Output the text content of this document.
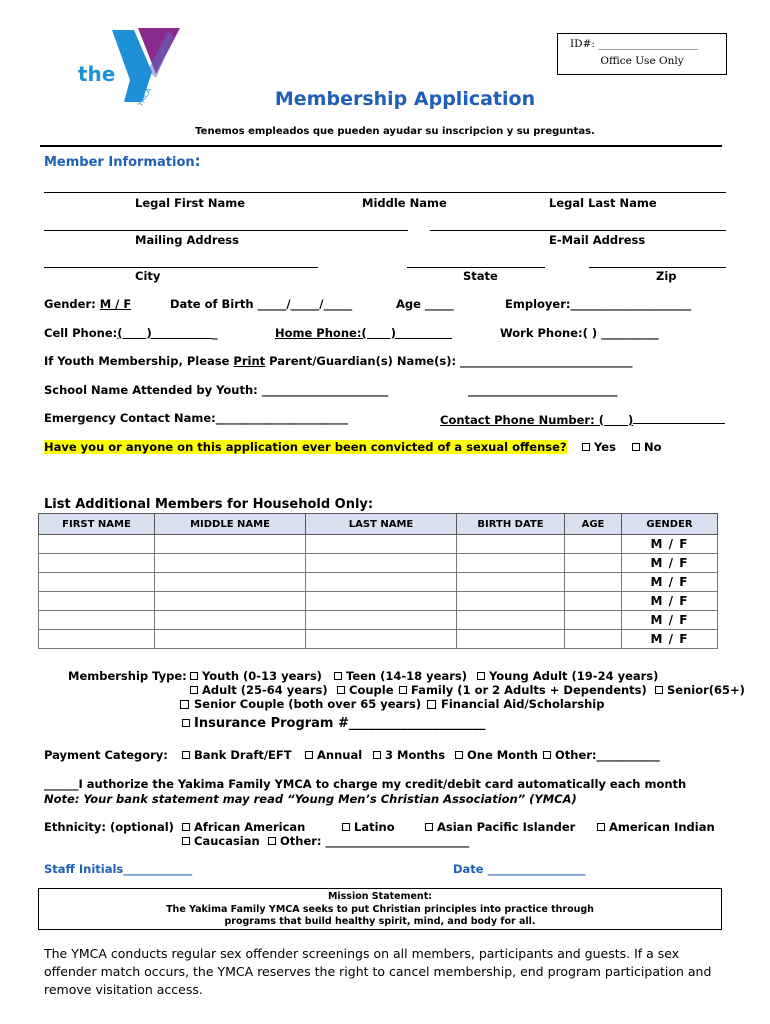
YMCA
the
ID#: ___________________
Office Use Only
Membership Application
Tenemos empleados que pueden ayudar su inscripcion y su preguntas.
Member Information:
Legal First Name	Middle Name	Legal Last Name
Mailing Address	E-Mail Address
City	State	Zip
Gender: M / F	Date of Birth _____/_____/_____	Age _____	Employer:_____________________
Cell Phone:(      )               _	Home Phone:(      )	Work Phone:( ) __________
If Youth Membership, Please Print Parent/Guardian(s) Name(s): ______________________________
School Name Attended by Youth: ______________________	__________________________
Emergency Contact Name:_______________________	Contact Phone Number: (      )
Have you or anyone on this application ever been convicted of a sexual offense?	Yes	No
List Additional Members for Household Only:
FIRST NAME	MIDDLE NAME	LAST NAME	BIRTH DATE	AGE	GENDER
					M / F
					M / F
					M / F
					M / F
					M / F
					M / F
Membership Type:	Youth (0-13 years)	Teen (14-18 years)	Young Adult (19-24 years)
Adult (25-64 years)	Couple	Family (1 or 2 Adults + Dependents)	Senior(65+)
Senior Couple (both over 65 years)	Financial Aid/Scholarship
Insurance Program #_____________________
Payment Category:	Bank Draft/EFT	Annual	3 Months	One Month	Other:___________
______I authorize the Yakima Family YMCA to charge my credit/debit card automatically each month
Note: Your bank statement may read “Young Men’s Christian Association” (YMCA)
Ethnicity: (optional)	African American	Latino	Asian Pacific Islander	American Indian
Caucasian	Other: _________________________
Staff Initials____________	Date _________________
Mission Statement:
The Yakima Family YMCA seeks to put Christian principles into practice through
programs that build healthy spirit, mind, and body for all.
The YMCA conducts regular sex offender screenings on all members, participants and guests. If a sex offender match occurs, the YMCA reserves the right to cancel membership, end program participation and remove visitation access.
